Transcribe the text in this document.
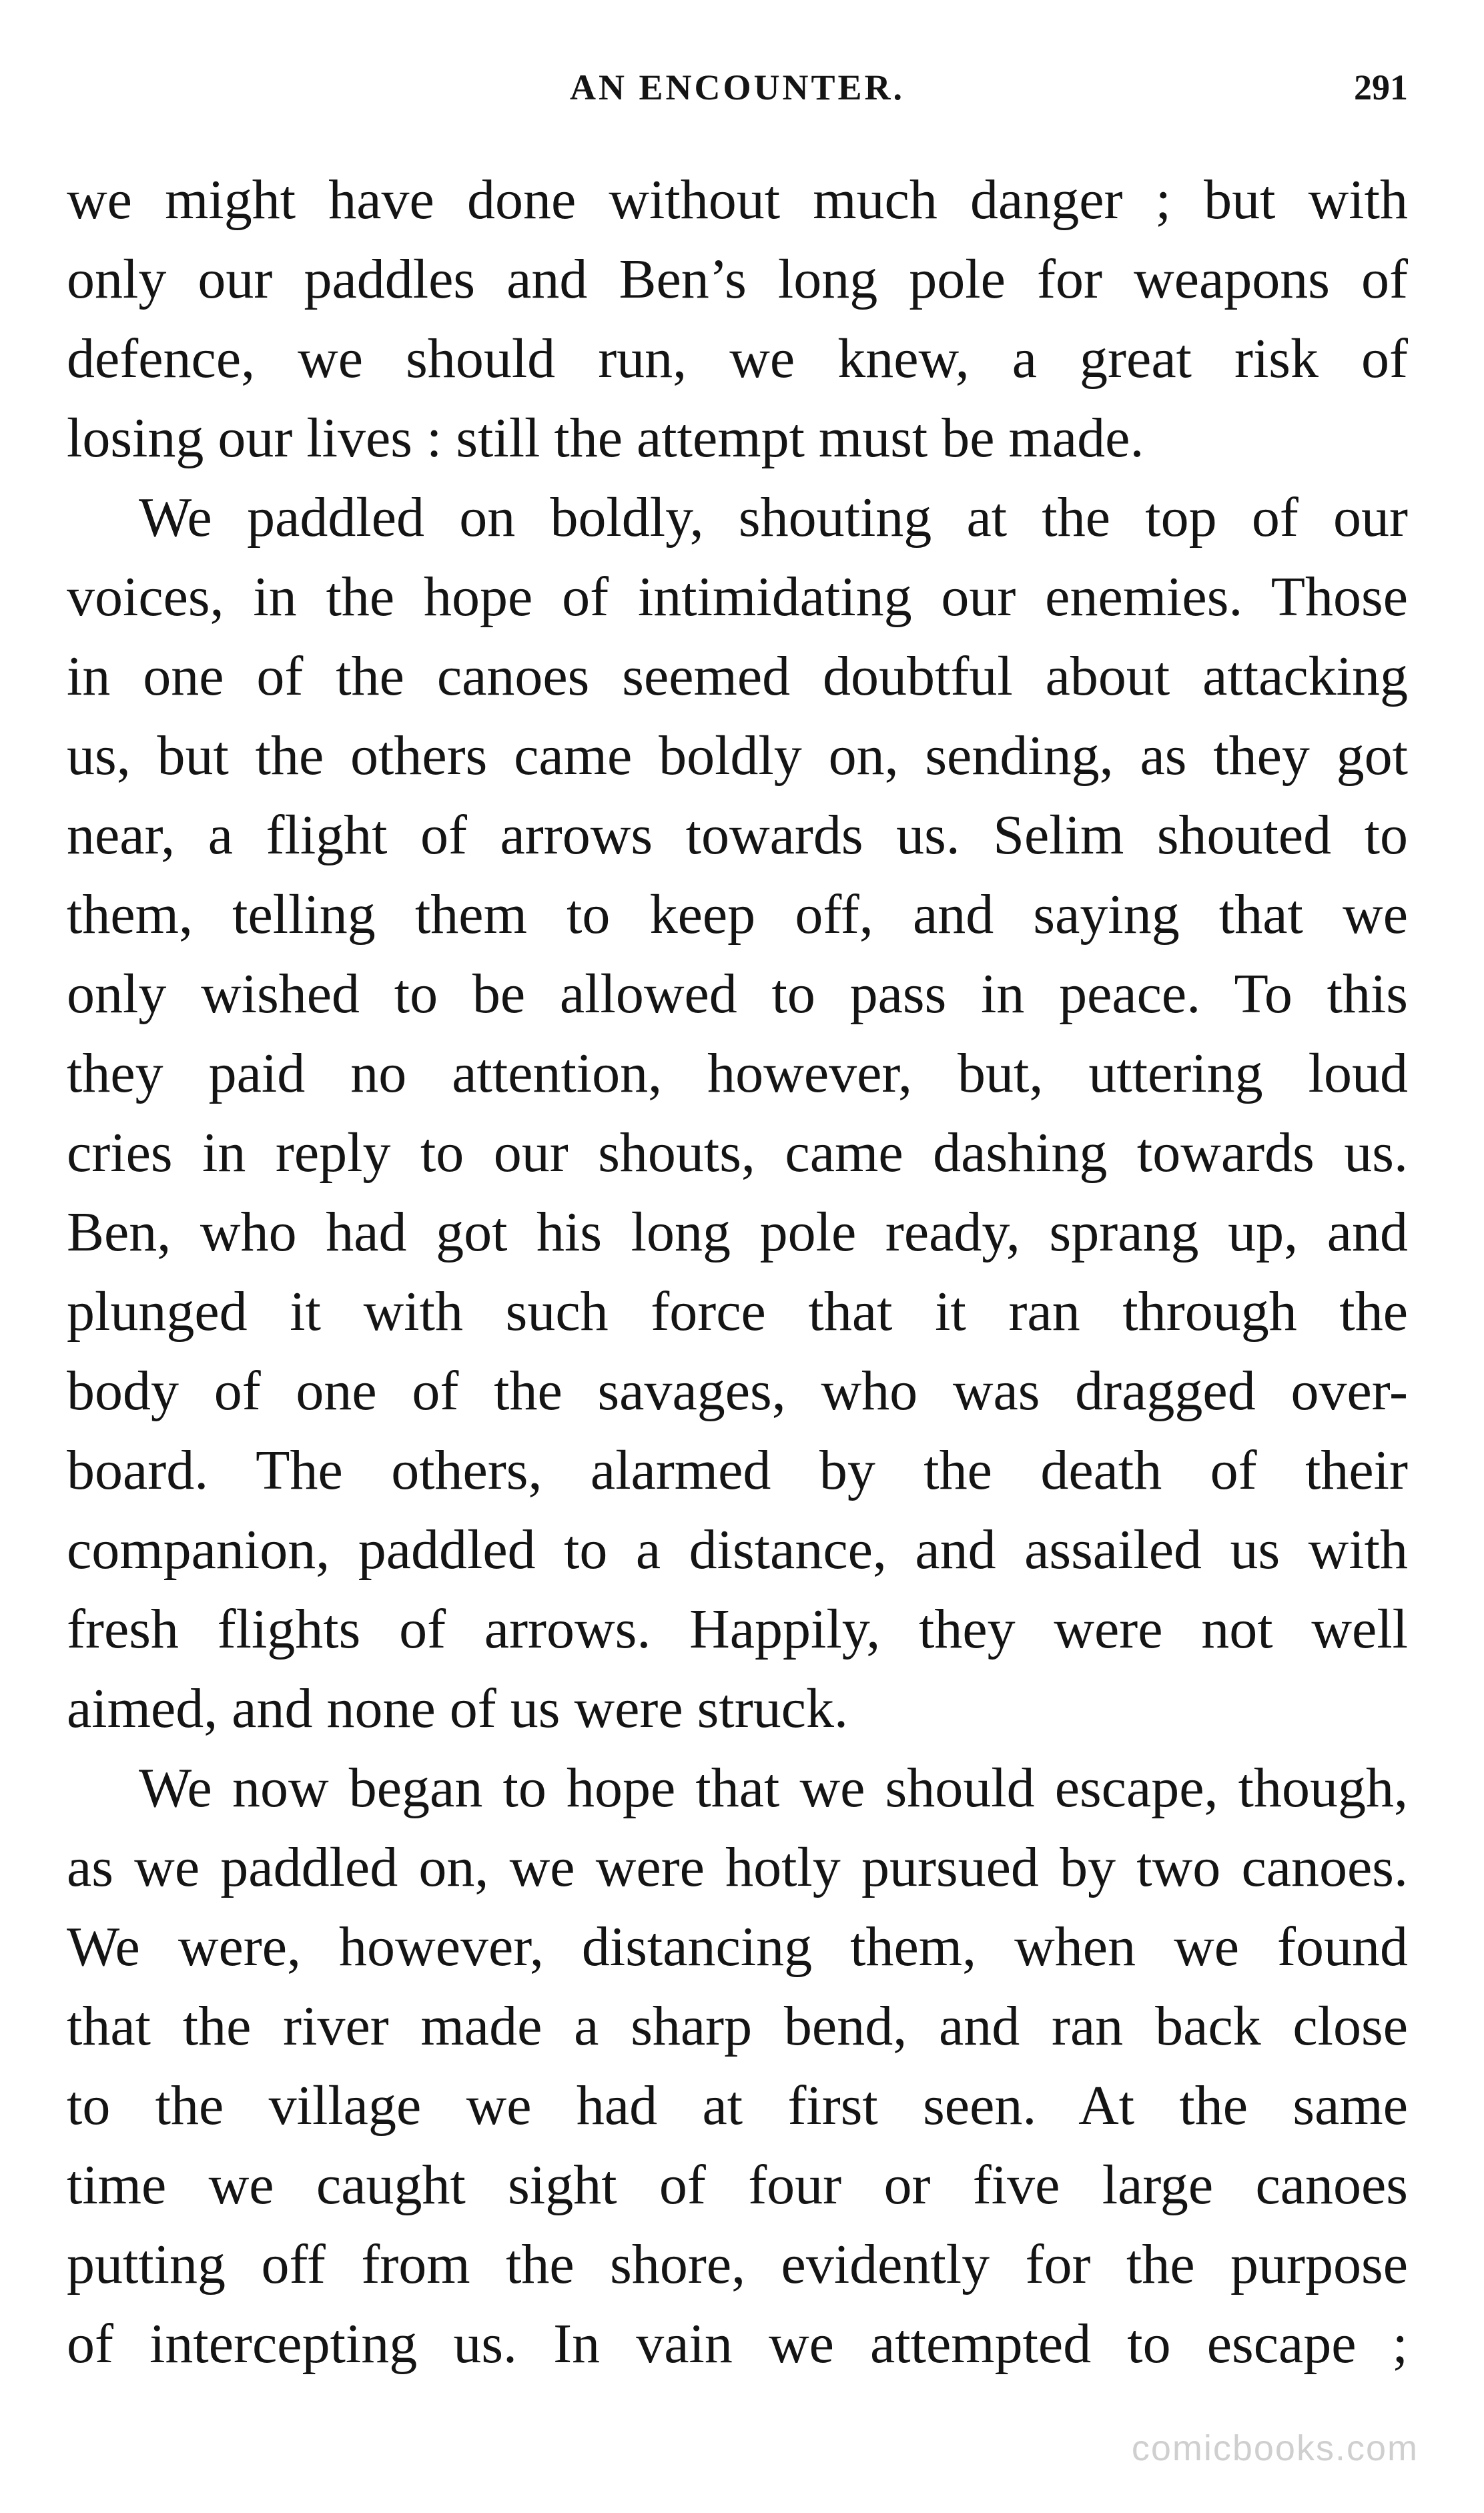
AN ENCOUNTER.	291
we might have done without much danger ; but with
only our paddles and Ben’s long pole for weapons of
defence, we should run, we knew, a great risk of
losing our lives : still the attempt must be made.
We paddled on boldly, shouting at the top of our
voices, in the hope of intimidating our enemies. Those
in one of the canoes seemed doubtful about attacking
us, but the others came boldly on, sending, as they got
near, a flight of arrows towards us. Selim shouted to
them, telling them to keep off, and saying that we
only wished to be allowed to pass in peace. To this
they paid no attention, however, but, uttering loud
cries in reply to our shouts, came dashing towards us.
Ben, who had got his long pole ready, sprang up, and
plunged it with such force that it ran through the
body of one of the savages, who was dragged over-
board. The others, alarmed by the death of their
companion, paddled to a distance, and assailed us with
fresh flights of arrows. Happily, they were not well
aimed, and none of us were struck.
We now began to hope that we should escape, though,
as we paddled on, we were hotly pursued by two canoes.
We were, however, distancing them, when we found
that the river made a sharp bend, and ran back close
to the village we had at first seen. At the same
time we caught sight of four or five large canoes
putting off from the shore, evidently for the purpose
of intercepting us. In vain we attempted to escape ;
comicbooks.com
